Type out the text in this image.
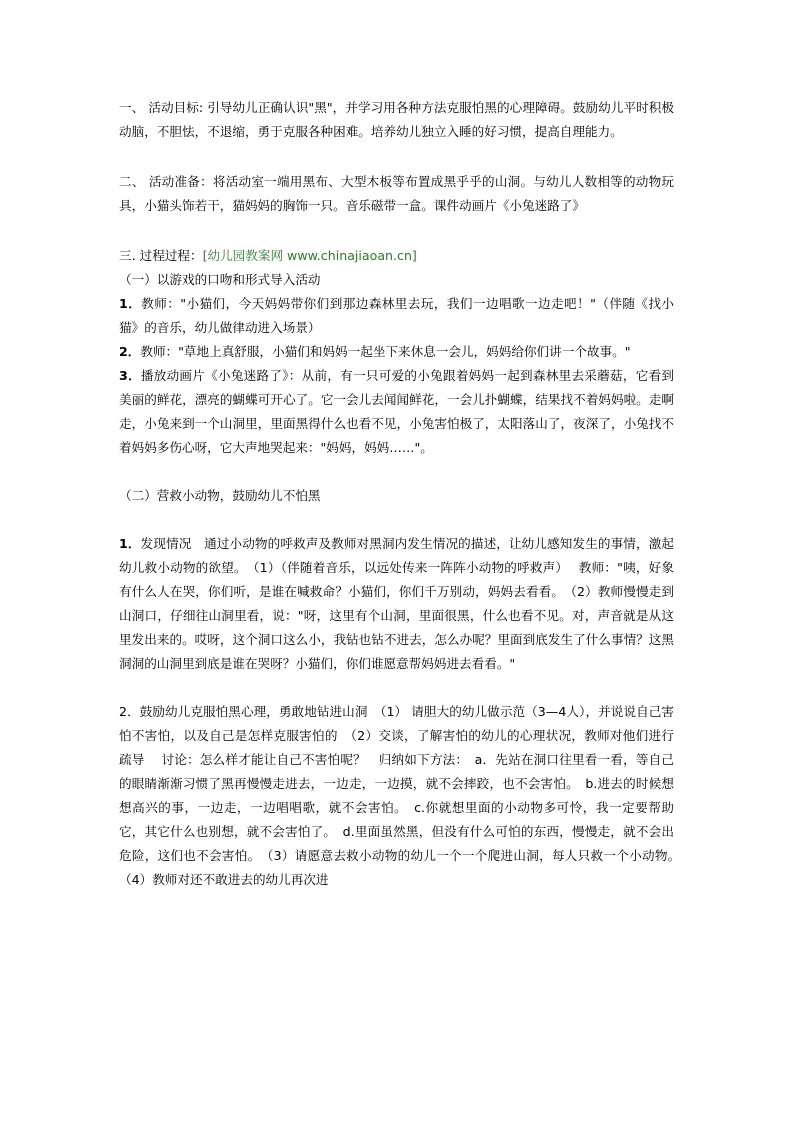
一、 活动目标: 引导幼儿正确认识"黑"，并学习用各种方法克服怕黑的心理障碍。鼓励幼儿平时积极动脑，不胆怯，不退缩，勇于克服各种困难。培养幼儿独立入睡的好习惯，提高自理能力。

二、 活动准备：将活动室一端用黑布、大型木板等布置成黑乎乎的山洞。与幼儿人数相等的动物玩具，小猫头饰若干，猫妈妈的胸饰一只。音乐磁带一盒。课件动画片《小兔迷路了》

三. 过程过程：[幼儿园教案网 www.chinajiaoan.cn]

（一）以游戏的口吻和形式导入活动

1．教师："小猫们，今天妈妈带你们到那边森林里去玩，我们一边唱歌一边走吧！"（伴随《找小猫》的音乐，幼儿做律动进入场景）

2．教师："草地上真舒服，小猫们和妈妈一起坐下来休息一会儿，妈妈给你们讲一个故事。"

3．播放动画片《小兔迷路了》：从前，有一只可爱的小兔跟着妈妈一起到森林里去采蘑菇，它看到美丽的鲜花，漂亮的蝴蝶可开心了。它一会儿去闻闻鲜花，一会儿扑蝴蝶，结果找不着妈妈啦。走啊走，小兔来到一个山洞里，里面黑得什么也看不见，小兔害怕极了，太阳落山了，夜深了，小兔找不着妈妈多伤心呀，它大声地哭起来："妈妈，妈妈……"。

（二）营救小动物，鼓励幼儿不怕黑

1．发现情况　通过小动物的呼救声及教师对黑洞内发生情况的描述，让幼儿感知发生的事情，激起幼儿救小动物的欲望。　（1）（伴随着音乐，以远处传来一阵阵小动物的呼救声）　 教师："咦，好象有什么人在哭，你们听，是谁在喊救命？小猫们，你们千万别动，妈妈去看看。　（2）教师慢慢走到山洞口，仔细往山洞里看，说："呀，这里有个山洞，里面很黑，什么也看不见。对，声音就是从这里发出来的。哎呀，这个洞口这么小，我钻也钻不进去，怎么办呢？里面到底发生了什么事情？这黑洞洞的山洞里到底是谁在哭呀？小猫们，你们谁愿意帮妈妈进去看看。"

2．鼓励幼儿克服怕黑心理，勇敢地钻进山洞　（1） 请胆大的幼儿做示范（3—4人），并说说自己害怕不害怕，以及自己是怎样克服害怕的　（2）交谈，了解害怕的幼儿的心理状况，教师对他们进行疏导　 讨论：怎么样才能让自己不害怕呢？　归纳如下方法：　a．先站在洞口往里看一看，等自己的眼睛渐渐习惯了黑再慢慢走进去，一边走，一边摸，就不会摔跤，也不会害怕。　b.进去的时候想想高兴的事，一边走，一边唱唱歌，就不会害怕。　c.你就想里面的小动物多可怜，我一定要帮助它，其它什么也别想，就不会害怕了。　d.里面虽然黑，但没有什么可怕的东西，慢慢走，就不会出危险，这们也不会害怕。　（3）请愿意去救小动物的幼儿一个一个爬进山洞，每人只救一个小动物。　（4）教师对还不敢进去的幼儿再次进
